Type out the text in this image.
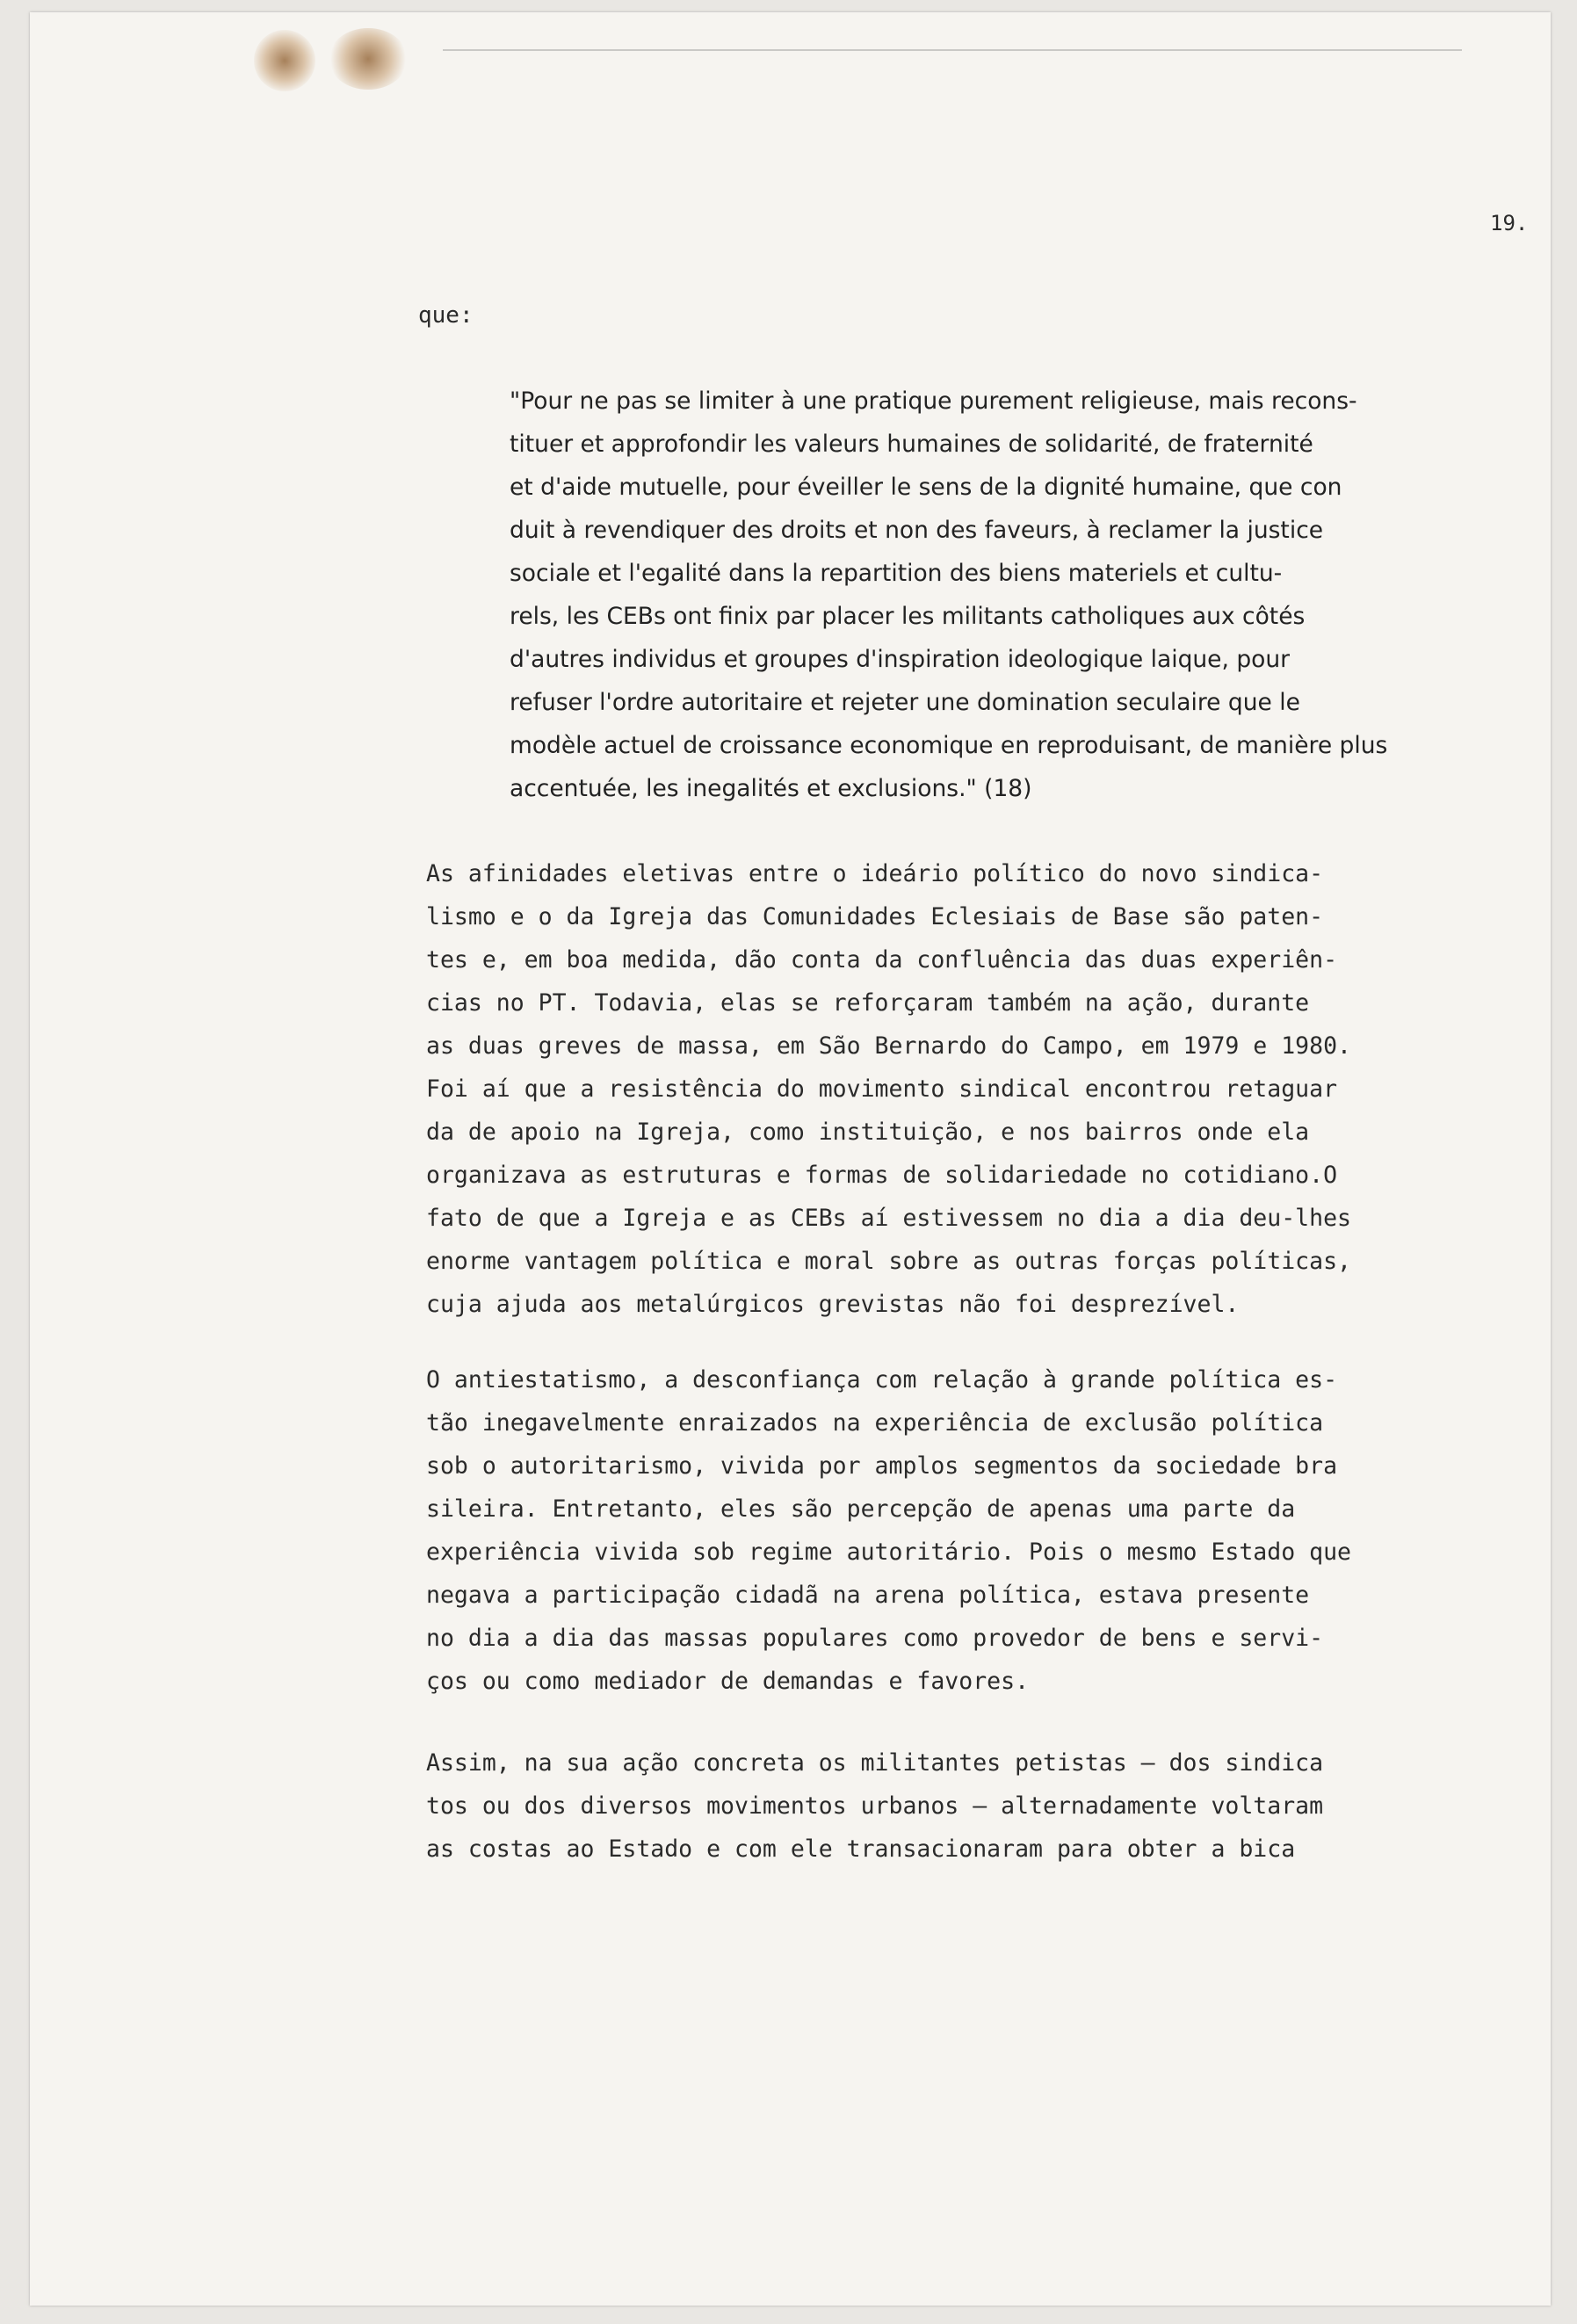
19.
que:
"Pour ne pas se limiter à une pratique purement religieuse, mais recons-
tituer et approfondir les valeurs humaines de solidarité, de fraternité
et d'aide mutuelle, pour éveiller le sens de la dignité humaine, que con
duit à revendiquer des droits et non des faveurs, à reclamer la justice
sociale et l'egalité dans la repartition des biens materiels et cultu-
rels, les CEBs ont finix par placer les militants catholiques aux côtés
d'autres individus et groupes d'inspiration ideologique laique, pour
refuser l'ordre autoritaire et rejeter une domination seculaire que le
modèle actuel de croissance economique en reproduisant, de manière plus
accentuée, les inegalités et exclusions." (18)
As afinidades eletivas entre o ideário político do novo sindica-
lismo e o da Igreja das Comunidades Eclesiais de Base são paten-
tes e, em boa medida, dão conta da confluência das duas experiên-
cias no PT. Todavia, elas se reforçaram também na ação, durante
as duas greves de massa, em São Bernardo do Campo, em 1979 e 1980.
Foi aí que a resistência do movimento sindical encontrou retaguar
da de apoio na Igreja, como instituição, e nos bairros onde ela
organizava as estruturas e formas de solidariedade no cotidiano.O
fato de que a Igreja e as CEBs aí estivessem no dia a dia deu-lhes
enorme vantagem política e moral sobre as outras forças políticas,
cuja ajuda aos metalúrgicos grevistas não foi desprezível.
O antiestatismo, a desconfiança com relação à grande política es-
tão inegavelmente enraizados na experiência de exclusão política
sob o autoritarismo, vivida por amplos segmentos da sociedade bra
sileira. Entretanto, eles são percepção de apenas uma parte da
experiência vivida sob regime autoritário. Pois o mesmo Estado que
negava a participação cidadã na arena política, estava presente
no dia a dia das massas populares como provedor de bens e servi-
ços ou como mediador de demandas e favores.
Assim, na sua ação concreta os militantes petistas — dos sindica
tos ou dos diversos movimentos urbanos — alternadamente voltaram
as costas ao Estado e com ele transacionaram para obter a bica
